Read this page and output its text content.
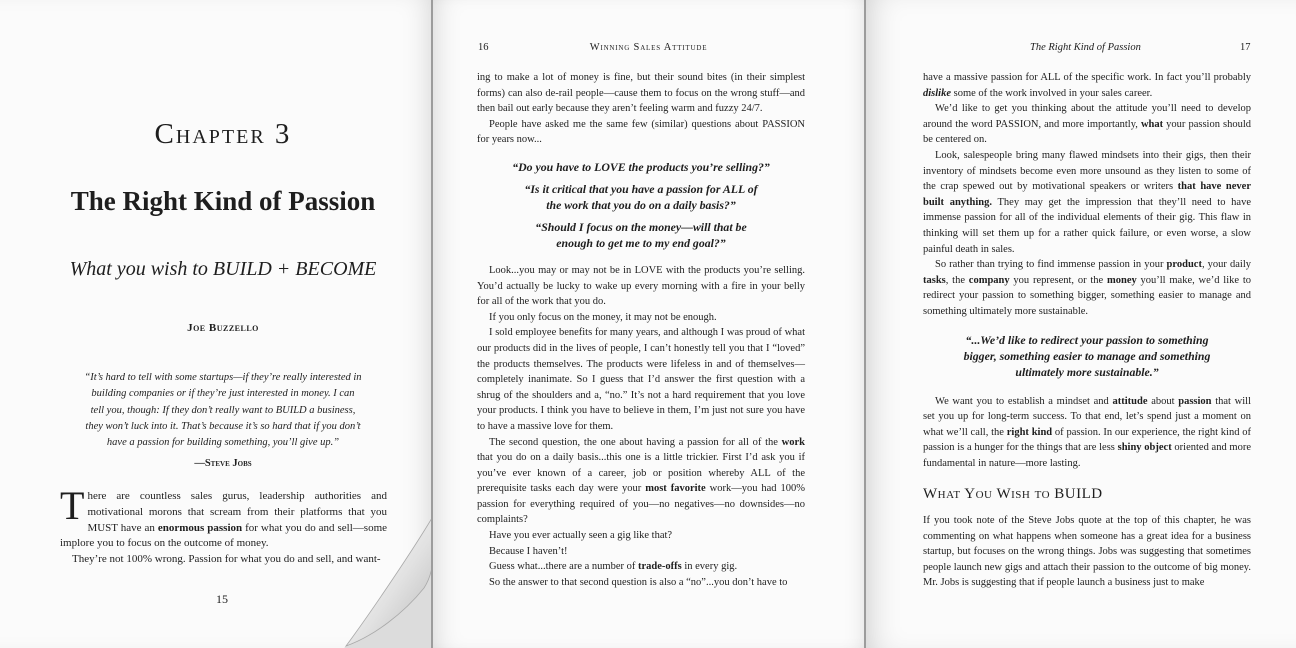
Chapter 3
The Right Kind of Passion
What you wish to BUILD + BECOME
Joe Buzzello
“It’s hard to tell with some startups—if they’re really interested in
building companies or if they’re just interested in money. I can
tell you, though: If they don’t really want to BUILD a business,
they won’t luck into it. That’s because it’s so hard that if you don’t
have a passion for building something, you’ll give up.”
—Steve Jobs

There are countless sales gurus, leadership authorities and motivational morons that scream from their platforms that you MUST have an enormous passion for what you do and sell—some implore you to focus on the outcome of money.

They’re not 100% wrong. Passion for what you do and sell, and want-

15
16	Winning Sales Attitude

ing to make a lot of money is fine, but their sound bites (in their simplest forms) can also de-rail people—cause them to focus on the wrong stuff—and then bail out early because they aren’t feeling warm and fuzzy 24/7.

People have asked me the same few (similar) questions about PASSION for years now...

“Do you have to LOVE the products you’re selling?”
“Is it critical that you have a passion for ALL of the work that you do on a daily basis?”
“Should I focus on the money—will that be enough to get me to my end goal?”

Look...you may or may not be in LOVE with the products you’re selling. You’d actually be lucky to wake up every morning with a fire in your belly for all of the work that you do.

If you only focus on the money, it may not be enough.

I sold employee benefits for many years, and although I was proud of what our products did in the lives of people, I can’t honestly tell you that I “loved” the products themselves. The products were lifeless in and of themselves—completely inanimate. So I guess that I’d answer the first question with a shrug of the shoulders and a, “no.” It’s not a hard requirement that you love your products. I think you have to believe in them, I’m just not sure you have to have a massive love for them.

The second question, the one about having a passion for all of the work that you do on a daily basis...this one is a little trickier. First I’d ask you if you’ve ever known of a career, job or position whereby ALL of the prerequisite tasks each day were your most favorite work—you had 100% passion for everything required of you—no negatives—no downsides—no complaints?

Have you ever actually seen a gig like that?

Because I haven’t!

Guess what...there are a number of trade-offs in every gig.

So the answer to that second question is also a “no”...you don’t have to

The Right Kind of Passion	17

have a massive passion for ALL of the specific work. In fact you’ll probably dislike some of the work involved in your sales career.

We’d like to get you thinking about the attitude you’ll need to develop around the word PASSION, and more importantly, what your passion should be centered on.

Look, salespeople bring many flawed mindsets into their gigs, then their inventory of mindsets become even more unsound as they listen to some of the crap spewed out by motivational speakers or writers that have never built anything. They may get the impression that they’ll need to have immense passion for all of the individual elements of their gig. This flaw in thinking will set them up for a rather quick failure, or even worse, a slow painful death in sales.

So rather than trying to find immense passion in your product, your daily tasks, the company you represent, or the money you’ll make, we’d like to redirect your passion to something bigger, something easier to manage and something ultimately more sustainable.

“...We’d like to redirect your passion to something bigger, something easier to manage and something ultimately more sustainable.”

We want you to establish a mindset and attitude about passion that will set you up for long-term success. To that end, let’s spend just a moment on what we’ll call, the right kind of passion. In our experience, the right kind of passion is a hunger for the things that are less shiny object oriented and more fundamental in nature—more lasting.

What You Wish to BUILD

If you took note of the Steve Jobs quote at the top of this chapter, he was commenting on what happens when someone has a great idea for a business startup, but focuses on the wrong things. Jobs was suggesting that sometimes people launch new gigs and attach their passion to the outcome of big money. Mr. Jobs is suggesting that if people launch a business just to make
